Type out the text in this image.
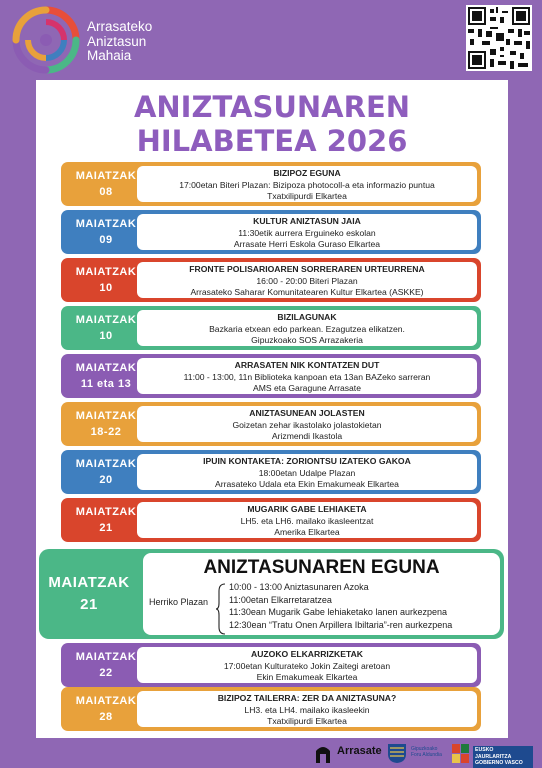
Arrasateko
Aniztasun
Mahaia
ANIZTASUNAREN
HILABETEA 2026
MAIATZAK
08
BIZIPOZ EGUNA
17:00etan Biteri Plazan: Bizipoza photocoll-a eta informazio puntua
Txatxilipurdi Elkartea
MAIATZAK
09
KULTUR ANIZTASUN JAIA
11:30etik aurrera Erguineko eskolan
Arrasate Herri Eskola Guraso Elkartea
MAIATZAK
10
FRONTE POLISARIOAREN SORRERAREN URTEURRENA
16:00 - 20:00 Biteri Plazan
Arrasateko Saharar Komunitatearen Kultur Elkartea (ASKKE)
MAIATZAK
10
BIZILAGUNAK
Bazkaria etxean edo parkean. Ezagutzea elikatzen.
Gipuzkoako SOS Arrazakeria
MAIATZAK
11 eta 13
ARRASATEN NIK KONTATZEN DUT
11:00 - 13:00, 11n Biblioteka kanpoan eta 13an BAZeko sarreran
AMS eta Garagune Arrasate
MAIATZAK
18-22
ANIZTASUNEAN JOLASTEN
Goizetan zehar ikastolako jolastokietan
Arizmendi Ikastola
MAIATZAK
20
IPUIN KONTAKETA: ZORIONTSU IZATEKO GAKOA
18:00etan Udalpe Plazan
Arrasateko Udala eta Ekin Emakumeak Elkartea
MAIATZAK
21
MUGARIK GABE LEHIAKETA
LH5. eta LH6. mailako ikasleentzat
Amerika Elkartea
MAIATZAK
21
ANIZTASUNAREN EGUNA
Herriko Plazan
10:00 - 13:00 Aniztasunaren Azoka
11:00etan Elkarretaratzea
11:30ean Mugarik Gabe lehiaketako lanen aurkezpena
12:30ean “Tratu Onen Arpillera Ibiltaria”-ren aurkezpena
MAIATZAK
22
AUZOKO ELKARRIZKETAK
17:00etan Kulturateko Jokin Zaitegi aretoan
Ekin Emakumeak Elkartea
MAIATZAK
28
BIZIPOZ TAILERRA: ZER DA ANIZTASUNA?
LH3. eta LH4. mailako ikasleekin
Txatxilipurdi Elkartea
Arrasate	Gipuzkoako Foru Aldundia
EUSKO JAURLARITZA GOBIERNO VASCO
